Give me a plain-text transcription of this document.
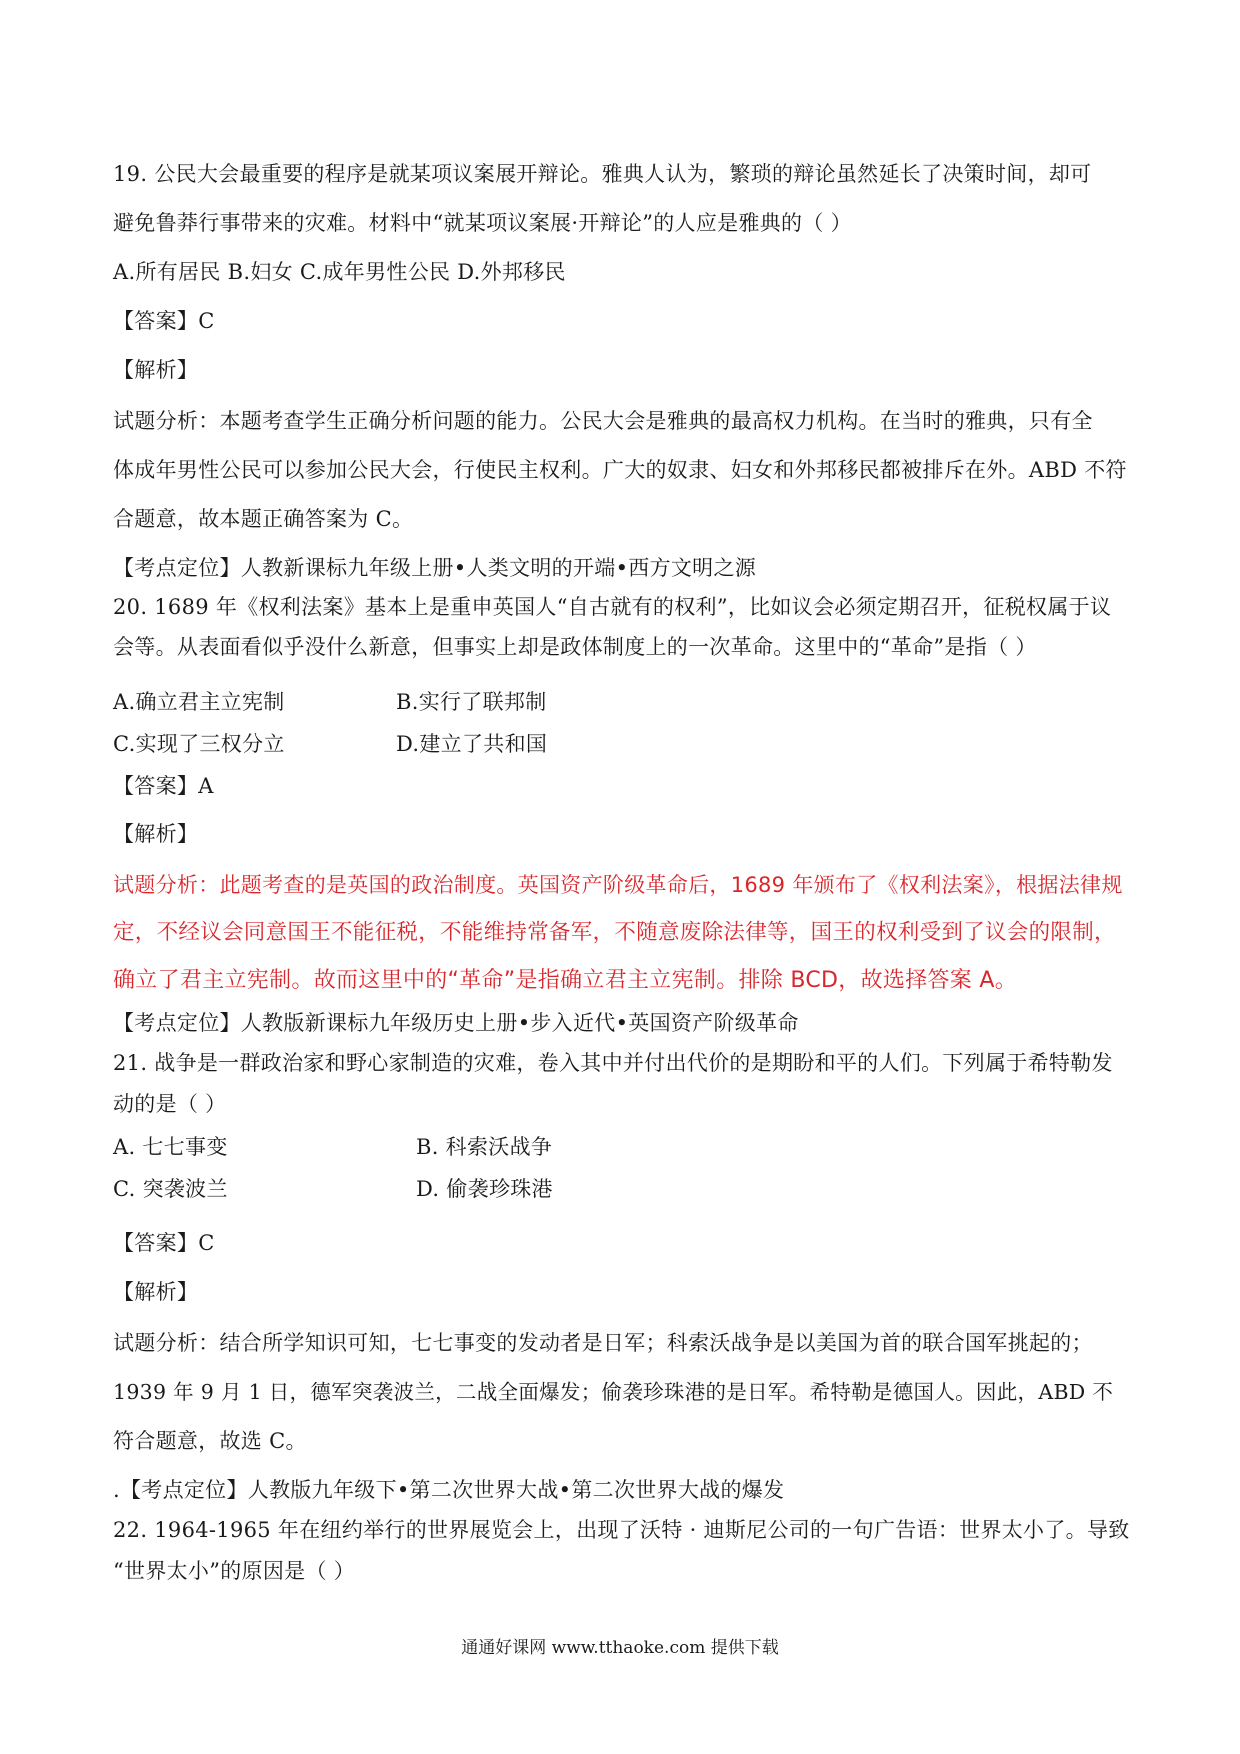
19. 公民大会最重要的程序是就某项议案展开辩论。雅典人认为，繁琐的辩论虽然延长了决策时间，却可
避免鲁莽行事带来的灾难。材料中“就某项议案展·开辩论”的人应是雅典的（ ）
A.所有居民 B.妇女 C.成年男性公民 D.外邦移民
【答案】C
【解析】
试题分析：本题考查学生正确分析问题的能力。公民大会是雅典的最高权力机构。在当时的雅典，只有全
体成年男性公民可以参加公民大会，行使民主权利。广大的奴隶、妇女和外邦移民都被排斥在外。ABD 不符
合题意，故本题正确答案为 C。
【考点定位】人教新课标九年级上册•人类文明的开端•西方文明之源
20. 1689 年《权利法案》基本上是重申英国人“自古就有的权利”，比如议会必须定期召开，征税权属于议
会等。从表面看似乎没什么新意，但事实上却是政体制度上的一次革命。这里中的“革命”是指（ ）
A.确立君主立宪制	B.实行了联邦制
C.实现了三权分立	D.建立了共和国
【答案】A
【解析】
试题分析：此题考查的是英国的政治制度。英国资产阶级革命后，1689 年颁布了《权利法案》，根据法律规
定，不经议会同意国王不能征税，不能维持常备军，不随意废除法律等，国王的权利受到了议会的限制，
确立了君主立宪制。故而这里中的“革命”是指确立君主立宪制。排除 BCD，故选择答案 A。
【考点定位】人教版新课标九年级历史上册•步入近代•英国资产阶级革命
21. 战争是一群政治家和野心家制造的灾难，卷入其中并付出代价的是期盼和平的人们。下列属于希特勒发
动的是（ ）
A. 七七事变	B. 科索沃战争
C. 突袭波兰	D. 偷袭珍珠港
【答案】C
【解析】
试题分析：结合所学知识可知，七七事变的发动者是日军；科索沃战争是以美国为首的联合国军挑起的；
1939 年 9 月 1 日，德军突袭波兰，二战全面爆发；偷袭珍珠港的是日军。希特勒是德国人。因此，ABD 不
符合题意，故选 C。
.【考点定位】人教版九年级下•第二次世界大战•第二次世界大战的爆发
22. 1964-1965 年在纽约举行的世界展览会上，出现了沃特 · 迪斯尼公司的一句广告语：世界太小了。导致
“世界太小”的原因是（ ）
通通好课网 www.tthaoke.com 提供下载
